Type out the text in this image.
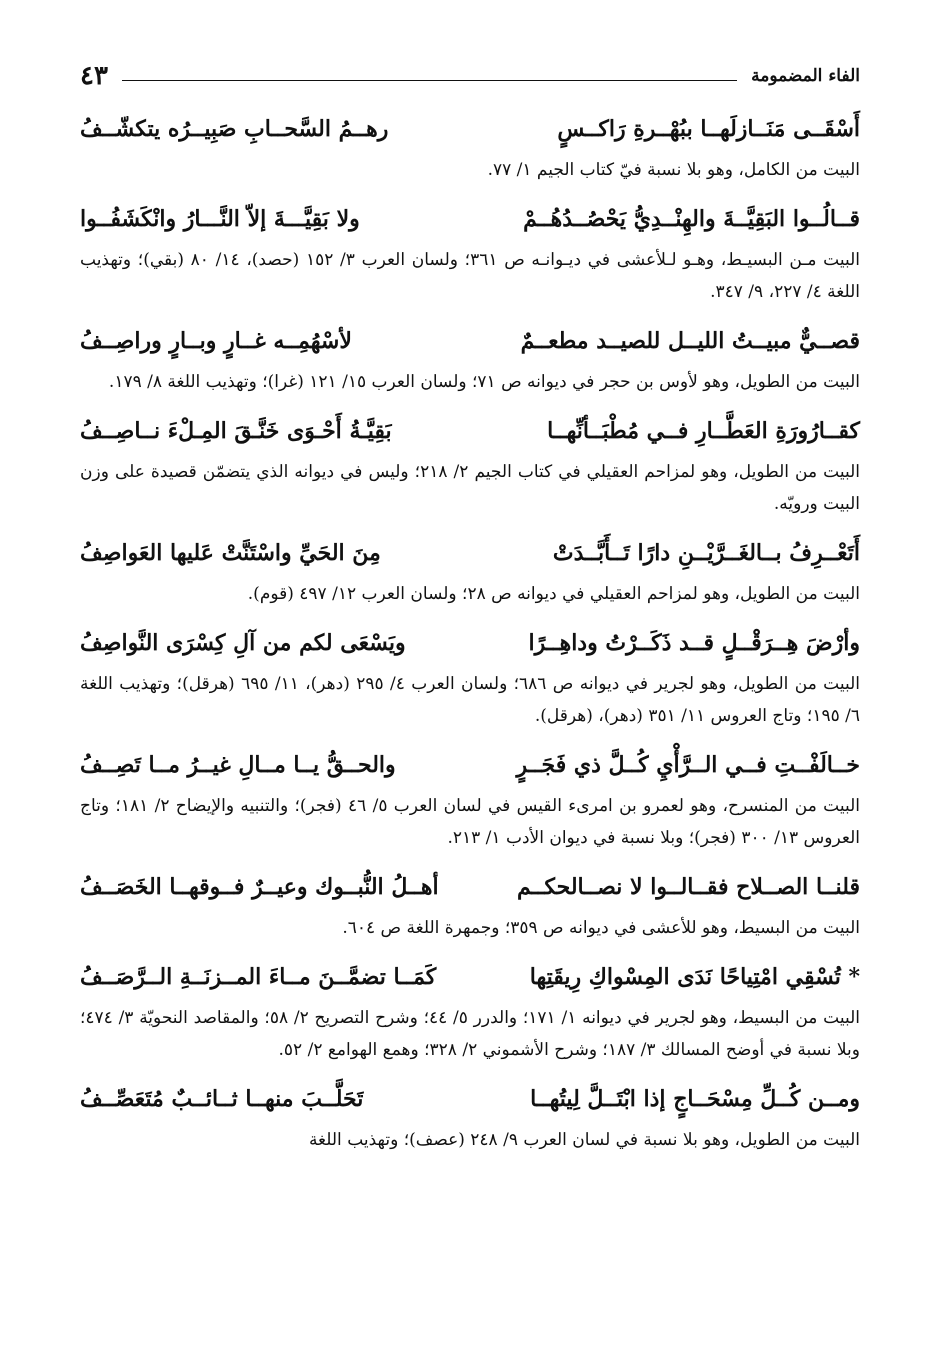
الفاء المضمومة
٤٣
أَسْقَــى مَنَــازلَهــا ببُهْــرةِ رَاكــسٍ
رهــمُ السَّحــابِ صَبِيــرُه يتكشّــفُ
البيت من الكامل، وهو بلا نسبة فيّ كتاب الجيم ١/ ٧٧.
قــالُــوا البَقِيَّــةَ والهِنْــدِيُّ يَحْصُــدُهُــمْ
ولا بَقِيَّـــةَ إلاّ النَّـــارُ وانْكَشَفُــوا
البيت مـن البسيـط، وهـو لـلأعشى في ديـوانـه ص ٣٦١؛ ولسان العرب ٣/ ١٥٢ (حصد)، ١٤/ ٨٠ (بقي)؛ وتهذيب اللغة ٤/ ٢٢٧، ٩/ ٣٤٧.
قصــيٌّ مبيــتُ الليــل للصيــد مطعــمٌ
لأسْهُمِــه غــارٍ وبــارٍ وراصِــفُ
البيت من الطويل، وهو لأوس بن حجر في ديوانه ص ٧١؛ ولسان العرب ١٥/ ١٢١ (غرا)؛ وتهذيب اللغة ٨/ ١٧٩.
كقــارُورَةِ العَطَّــارِ فــي مُطْبَــأنِّهــا
بَقِيَّـةُ أَحْـوَى خَنَّـقَ المِـلْءَ نــاصِــفُ
البيت من الطويل، وهو لمزاحم العقيلي في كتاب الجيم ٢/ ٢١٨؛ وليس في ديوانه الذي يتضمّن قصيدة على وزن البيت ورويّه.
أَتَعْــرِفُ بــالغَــرَّيْــنِ دارًا تَــأَبَّــدَتْ
مِنَ الحَيِّ واسْتَنَّتْ عَليها العَواصِفُ
البيت من الطويل، وهو لمزاحم العقيلي في ديوانه ص ٢٨؛ ولسان العرب ١٢/ ٤٩٧ (قوم).
وأرْضَ هِــرَقْــلٍ قــد ذَكَــرْتُ وداهِــرًا
ويَسْعَى لكم من آلِ كِسْرَى النَّواصِفُ
البيت من الطويل، وهو لجرير في ديوانه ص ٦٨٦؛ ولسان العرب ٤/ ٢٩٥ (دهر)، ١١/ ٦٩٥ (هرقل)؛ وتهذيب اللغة ٦/ ١٩٥؛ وتاج العروس ١١/ ٣٥١ (دهر)، (هرقل).
خــالَفْــتِ فــي الــرَّأْيِ كُــلَّ ذي فَجَــرٍ
والحــقُّ يــا مــالِ غيــرُ مــا تَصِــفُ
البيت من المنسرح، وهو لعمرو بن امرىء القيس في لسان العرب ٥/ ٤٦ (فجر)؛ والتنبيه والإيضاح ٢/ ١٨١؛ وتاج العروس ١٣/ ٣٠٠ (فجر)؛ وبلا نسبة في ديوان الأدب ١/ ٢١٣.
قلنــا الصــلاح فقــالــوا لا نصــالحكــم
أهــلُ النُّبــوك وعيــرٌ فــوقهــا الخَصَــفُ
البيت من البسيط، وهو للأعشى في ديوانه ص ٣٥٩؛ وجمهرة اللغة ص ٦٠٤.
* تُسْقِي امْتِياحًا نَدَى المِسْواكِ رِيقَتِها
كَمَــا تضمَّــنَ مــاءَ المــزنَــةِ الــرَّصَــفُ
البيت من البسيط، وهو لجرير في ديوانه ١/ ١٧١؛ والدرر ٥/ ٤٤؛ وشرح التصريح ٢/ ٥٨؛ والمقاصد النحويّة ٣/ ٤٧٤؛ وبلا نسبة في أوضح المسالك ٣/ ١٨٧؛ وشرح الأشموني ٢/ ٣٢٨؛ وهمع الهوامع ٢/ ٥٢.
ومــن كُــلِّ مِسْحَــاجٍ إذا ابْتَــلَّ لِيتُهــا
تَحَلَّــبَ منهــا ثــائــبٌ مُتَعَصِّــفُ
البيت من الطويل، وهو بلا نسبة في لسان العرب ٩/ ٢٤٨ (عصف)؛ وتهذيب اللغة
